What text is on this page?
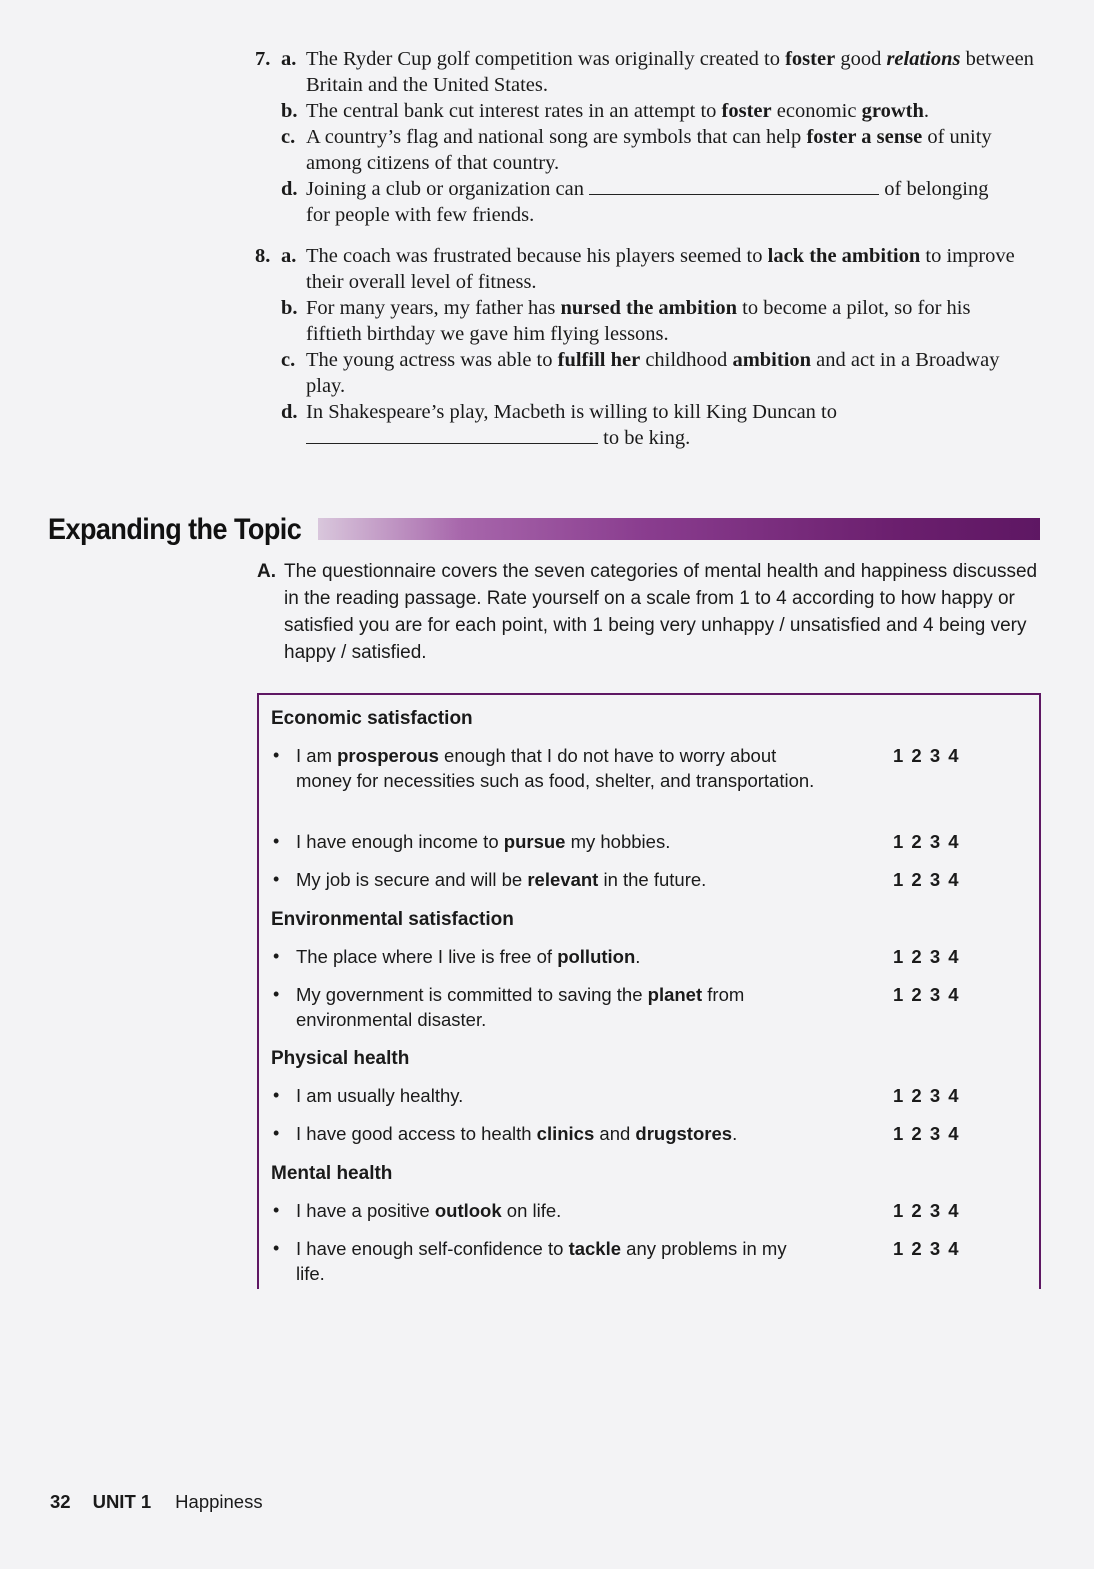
7. a. The Ryder Cup golf competition was originally created to foster good relations between Britain and the United States.
b. The central bank cut interest rates in an attempt to foster economic growth.
c. A country’s flag and national song are symbols that can help foster a sense of unity among citizens of that country.
d. Joining a club or organization can	of belonging for people with few friends.
8. a. The coach was frustrated because his players seemed to lack the ambition to improve their overall level of fitness.
b. For many years, my father has nursed the ambition to become a pilot, so for his fiftieth birthday we gave him flying lessons.
c. The young actress was able to fulfill her childhood ambition and act in a Broadway play.
d. In Shakespeare’s play, Macbeth is willing to kill King Duncan to
to be king.
Expanding the Topic
A. The questionnaire covers the seven categories of mental health and happiness discussed in the reading passage. Rate yourself on a scale from 1 to 4 according to how happy or satisfied you are for each point, with 1 being very unhappy / unsatisfied and 4 being very happy / satisfied.
Economic satisfaction
• I am prosperous enough that I do not have to worry about money for necessities such as food, shelter, and transportation.
1 2 3 4
• I have enough income to pursue my hobbies.	1 2 3 4
• My job is secure and will be relevant in the future.	1 2 3 4
Environmental satisfaction
• The place where I live is free of pollution.	1 2 3 4
• My government is committed to saving the planet from environmental disaster.
1 2 3 4
Physical health
• I am usually healthy.	1 2 3 4
• I have good access to health clinics and drugstores.	1 2 3 4
Mental health
• I have a positive outlook on life.	1 2 3 4
• I have enough self-confidence to tackle any problems in my life.
1 2 3 4
32 UNIT 1 Happiness
